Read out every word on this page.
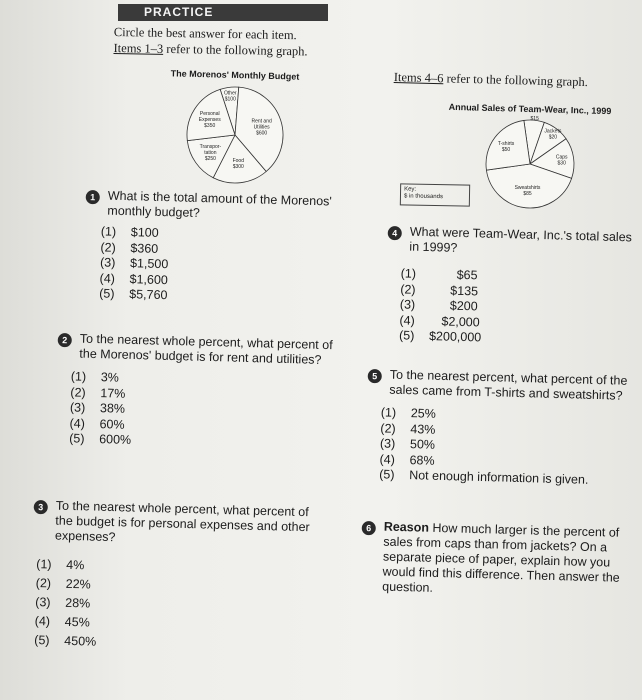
PRACTICE
Circle the best answer for each item.
Items 1–3 refer to the following graph.
The Morenos' Monthly Budget
Other $100
Rent and Utilities $600
Food $300
Transpor-tation $250
Personal Expenses $350
Items 4–6 refer to the following graph.
Annual Sales of Team-Wear, Inc., 1999
$15
Jackets $20
Caps $30
Sweatshirts $85
T-shirts $50
Key:
$ in thousands
1 What is the total amount of the Morenos' monthly budget?
(1)	$100
(2)	$360
(3)	$1,500
(4)	$1,600
(5)	$5,760
2 To the nearest whole percent, what percent of the Morenos' budget is for rent and utilities?
(1)	3%
(2)	17%
(3)	38%
(4)	60%
(5)	600%
3 To the nearest whole percent, what percent of the budget is for personal expenses and other expenses?
(1)	4%
(2)	22%
(3)	28%
(4)	45%
(5)	450%
4 What were Team-Wear, Inc.'s total sales in 1999?
(1)	$65
(2)	$135
(3)	$200
(4)	$2,000
(5)	$200,000
5 To the nearest percent, what percent of the sales came from T-shirts and sweatshirts?
(1)	25%
(2)	43%
(3)	50%
(4)	68%
(5)	Not enough information is given.
6 Reason How much larger is the percent of sales from caps than from jackets? On a separate piece of paper, explain how you would find this difference. Then answer the question.
